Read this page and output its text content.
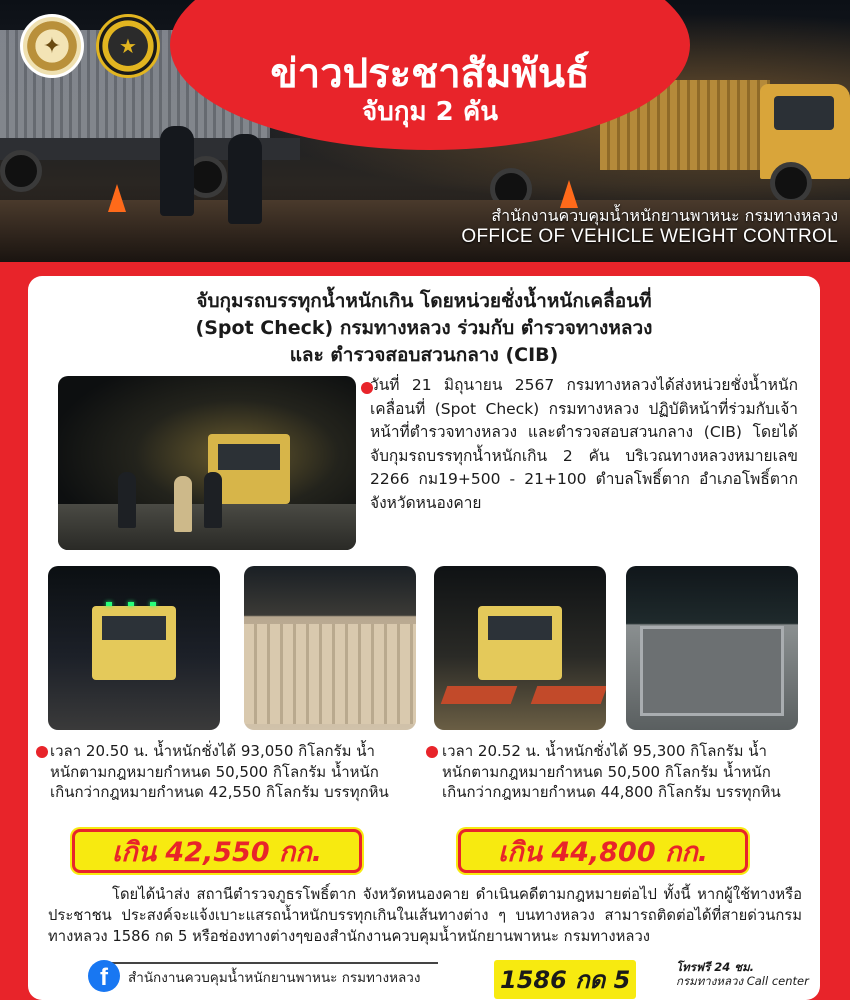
✦	★
ข่าวประชาสัมพันธ์
จับกุม 2 คัน
สำนักงานควบคุมน้ำหนักยานพาหนะ กรมทางหลวง
OFFICE OF VEHICLE WEIGHT CONTROL
จับกุมรถบรรทุกน้ำหนักเกิน โดยหน่วยชั่งน้ำหนักเคลื่อนที่
(Spot Check) กรมทางหลวง ร่วมกับ ตำรวจทางหลวง
และ ตำรวจสอบสวนกลาง (CIB)
วันที่ 21 มิถุนายน 2567 กรมทางหลวงได้ส่งหน่วยชั่งน้ำหนักเคลื่อนที่ (Spot Check) กรมทางหลวง ปฏิบัติหน้าที่ร่วมกับเจ้าหน้าที่ตำรวจทางหลวง และตำรวจสอบสวนกลาง (CIB) โดยได้จับกุมรถบรรทุกน้ำหนักเกิน 2 คัน บริเวณทางหลวงหมายเลข 2266 กม19+500 - 21+100 ตำบลโพธิ์ตาก อำเภอโพธิ์ตาก จังหวัดหนองคาย
เวลา 20.50 น. น้ำหนักชั่งได้ 93,050 กิโลกรัม น้ำหนักตามกฎหมายกำหนด 50,500 กิโลกรัม น้ำหนักเกินกว่ากฎหมายกำหนด 42,550 กิโลกรัม บรรทุกหิน
เวลา 20.52 น. น้ำหนักชั่งได้ 95,300 กิโลกรัม น้ำหนักตามกฎหมายกำหนด 50,500 กิโลกรัม น้ำหนักเกินกว่ากฎหมายกำหนด 44,800 กิโลกรัม บรรทุกหิน
เกิน 42,550 กก.	เกิน 44,800 กก.
โดยได้นำส่ง สถานีตำรวจภูธรโพธิ์ตาก จังหวัดหนองคาย ดำเนินคดีตามกฎหมายต่อไป ทั้งนี้ หากผู้ใช้ทางหรือประชาชน ประสงค์จะแจ้งเบาะแสรถน้ำหนักบรรทุกเกินในเส้นทางต่าง ๆ บนทางหลวง สามารถติดต่อได้ที่สายด่วนกรมทางหลวง 1586 กด 5 หรือช่องทางต่างๆของสำนักงานควบคุมน้ำหนักยานพาหนะ กรมทางหลวง
f	สำนักงานควบคุมน้ำหนักยานพาหนะ กรมทางหลวง	1586 กด 5	โทรฟรี 24 ชม.
กรมทางหลวง Call center
